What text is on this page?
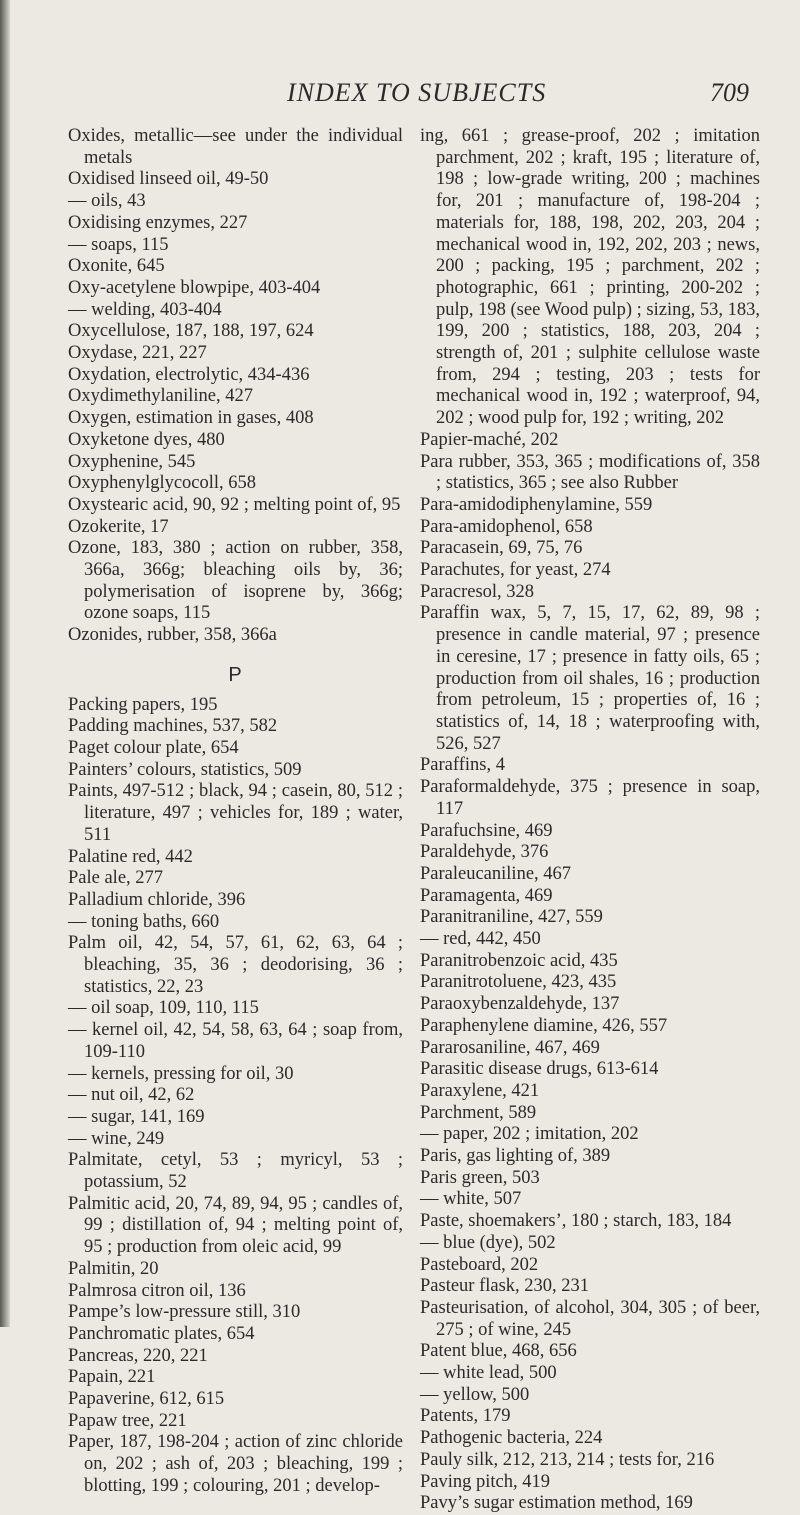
INDEX TO SUBJECTS	709
Oxides, metallic—see under the individual metals
Oxidised linseed oil, 49-50
— oils, 43
Oxidising enzymes, 227
— soaps, 115
Oxonite, 645
Oxy-acetylene blowpipe, 403-404
— welding, 403-404
Oxycellulose, 187, 188, 197, 624
Oxydase, 221, 227
Oxydation, electrolytic, 434-436
Oxydimethylaniline, 427
Oxygen, estimation in gases, 408
Oxyketone dyes, 480
Oxyphenine, 545
Oxyphenylglycocoll, 658
Oxystearic acid, 90, 92 ; melting point of, 95
Ozokerite, 17
Ozone, 183, 380 ; action on rubber, 358, 366a, 366g; bleaching oils by, 36; polymerisation of isoprene by, 366g; ozone soaps, 115
Ozonides, rubber, 358, 366a
P
Packing papers, 195
Padding machines, 537, 582
Paget colour plate, 654
Painters’ colours, statistics, 509
Paints, 497-512 ; black, 94 ; casein, 80, 512 ; literature, 497 ; vehicles for, 189 ; water, 511
Palatine red, 442
Pale ale, 277
Palladium chloride, 396
— toning baths, 660
Palm oil, 42, 54, 57, 61, 62, 63, 64 ; bleaching, 35, 36 ; deodorising, 36 ; statistics, 22, 23
— oil soap, 109, 110, 115
— kernel oil, 42, 54, 58, 63, 64 ; soap from, 109-110
— kernels, pressing for oil, 30
— nut oil, 42, 62
— sugar, 141, 169
— wine, 249
Palmitate, cetyl, 53 ; myricyl, 53 ; potassium, 52
Palmitic acid, 20, 74, 89, 94, 95 ; candles of, 99 ; distillation of, 94 ; melting point of, 95 ; production from oleic acid, 99
Palmitin, 20
Palmrosa citron oil, 136
Pampe’s low-pressure still, 310
Panchromatic plates, 654
Pancreas, 220, 221
Papain, 221
Papaverine, 612, 615
Papaw tree, 221
Paper, 187, 198-204 ; action of zinc chloride on, 202 ; ash of, 203 ; bleaching, 199 ; blotting, 199 ; colouring, 201 ; develop-
ing, 661 ; grease-proof, 202 ; imitation parchment, 202 ; kraft, 195 ; literature of, 198 ; low-grade writing, 200 ; machines for, 201 ; manufacture of, 198-204 ; materials for, 188, 198, 202, 203, 204 ; mechanical wood in, 192, 202, 203 ; news, 200 ; packing, 195 ; parchment, 202 ; photographic, 661 ; printing, 200-202 ; pulp, 198 (see Wood pulp) ; sizing, 53, 183, 199, 200 ; statistics, 188, 203, 204 ; strength of, 201 ; sulphite cellulose waste from, 294 ; testing, 203 ; tests for mechanical wood in, 192 ; waterproof, 94, 202 ; wood pulp for, 192 ; writing, 202
Papier-maché, 202
Para rubber, 353, 365 ; modifications of, 358 ; statistics, 365 ; see also Rubber
Para-amidodiphenylamine, 559
Para-amidophenol, 658
Paracasein, 69, 75, 76
Parachutes, for yeast, 274
Paracresol, 328
Paraffin wax, 5, 7, 15, 17, 62, 89, 98 ; presence in candle material, 97 ; presence in ceresine, 17 ; presence in fatty oils, 65 ; production from oil shales, 16 ; production from petroleum, 15 ; properties of, 16 ; statistics of, 14, 18 ; waterproofing with, 526, 527
Paraffins, 4
Paraformaldehyde, 375 ; presence in soap, 117
Parafuchsine, 469
Paraldehyde, 376
Paraleucaniline, 467
Paramagenta, 469
Paranitraniline, 427, 559
— red, 442, 450
Paranitrobenzoic acid, 435
Paranitrotoluene, 423, 435
Paraoxybenzaldehyde, 137
Paraphenylene diamine, 426, 557
Pararosaniline, 467, 469
Parasitic disease drugs, 613-614
Paraxylene, 421
Parchment, 589
— paper, 202 ; imitation, 202
Paris, gas lighting of, 389
Paris green, 503
— white, 507
Paste, shoemakers’, 180 ; starch, 183, 184
— blue (dye), 502
Pasteboard, 202
Pasteur flask, 230, 231
Pasteurisation, of alcohol, 304, 305 ; of beer, 275 ; of wine, 245
Patent blue, 468, 656
— white lead, 500
— yellow, 500
Patents, 179
Pathogenic bacteria, 224
Pauly silk, 212, 213, 214 ; tests for, 216
Paving pitch, 419
Pavy’s sugar estimation method, 169
